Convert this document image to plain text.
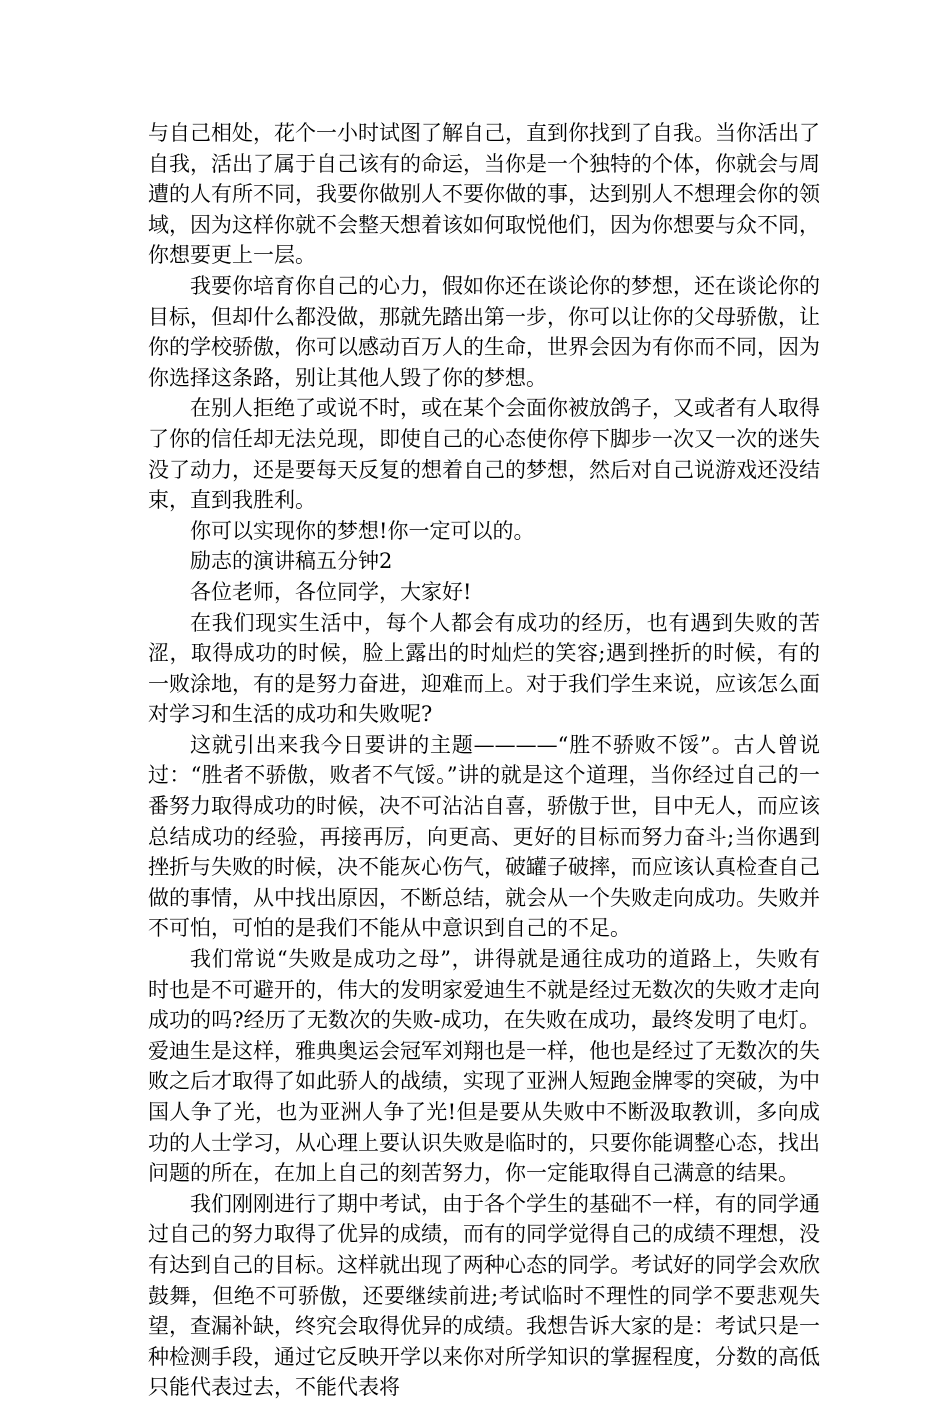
与自己相处，花个一小时试图了解自己，直到你找到了自我。当你活出了自我，活出了属于自己该有的命运，当你是一个独特的个体，你就会与周遭的人有所不同，我要你做别人不要你做的事，达到别人不想理会你的领域，因为这样你就不会整天想着该如何取悦他们，因为你想要与众不同，你想要更上一层。

我要你培育你自己的心力，假如你还在谈论你的梦想，还在谈论你的目标，但却什么都没做，那就先踏出第一步，你可以让你的父母骄傲，让你的学校骄傲，你可以感动百万人的生命，世界会因为有你而不同，因为你选择这条路，别让其他人毁了你的梦想。

在别人拒绝了或说不时，或在某个会面你被放鸽子，又或者有人取得了你的信任却无法兑现，即使自己的心态使你停下脚步一次又一次的迷失没了动力，还是要每天反复的想着自己的梦想，然后对自己说游戏还没结束，直到我胜利。

你可以实现你的梦想!你一定可以的。

励志的演讲稿五分钟2

各位老师，各位同学，大家好!

在我们现实生活中，每个人都会有成功的经历，也有遇到失败的苦涩，取得成功的时候，脸上露出的时灿烂的笑容;遇到挫折的时候，有的一败涂地，有的是努力奋进，迎难而上。对于我们学生来说，应该怎么面对学习和生活的成功和失败呢?

这就引出来我今日要讲的主题————“胜不骄败不馁”。古人曾说过：“胜者不骄傲，败者不气馁。”讲的就是这个道理，当你经过自己的一番努力取得成功的时候，决不可沾沾自喜，骄傲于世，目中无人，而应该总结成功的经验，再接再厉，向更高、更好的目标而努力奋斗;当你遇到挫折与失败的时候，决不能灰心伤气，破罐子破摔，而应该认真检查自己做的事情，从中找出原因，不断总结，就会从一个失败走向成功。失败并不可怕，可怕的是我们不能从中意识到自己的不足。

我们常说“失败是成功之母”，讲得就是通往成功的道路上，失败有时也是不可避开的，伟大的发明家爱迪生不就是经过无数次的失败才走向成功的吗?经历了无数次的失败-成功，在失败在成功，最终发明了电灯。爱迪生是这样，雅典奥运会冠军刘翔也是一样，他也是经过了无数次的失败之后才取得了如此骄人的战绩，实现了亚洲人短跑金牌零的突破，为中国人争了光，也为亚洲人争了光!但是要从失败中不断汲取教训，多向成功的人士学习，从心理上要认识失败是临时的，只要你能调整心态，找出问题的所在，在加上自己的刻苦努力，你一定能取得自己满意的结果。

我们刚刚进行了期中考试，由于各个学生的基础不一样，有的同学通过自己的努力取得了优异的成绩，而有的同学觉得自己的成绩不理想，没有达到自己的目标。这样就出现了两种心态的同学。考试好的同学会欢欣鼓舞，但绝不可骄傲，还要继续前进;考试临时不理性的同学不要悲观失望，查漏补缺，终究会取得优异的成绩。我想告诉大家的是：考试只是一种检测手段，通过它反映开学以来你对所学知识的掌握程度，分数的高低只能代表过去，不能代表将
